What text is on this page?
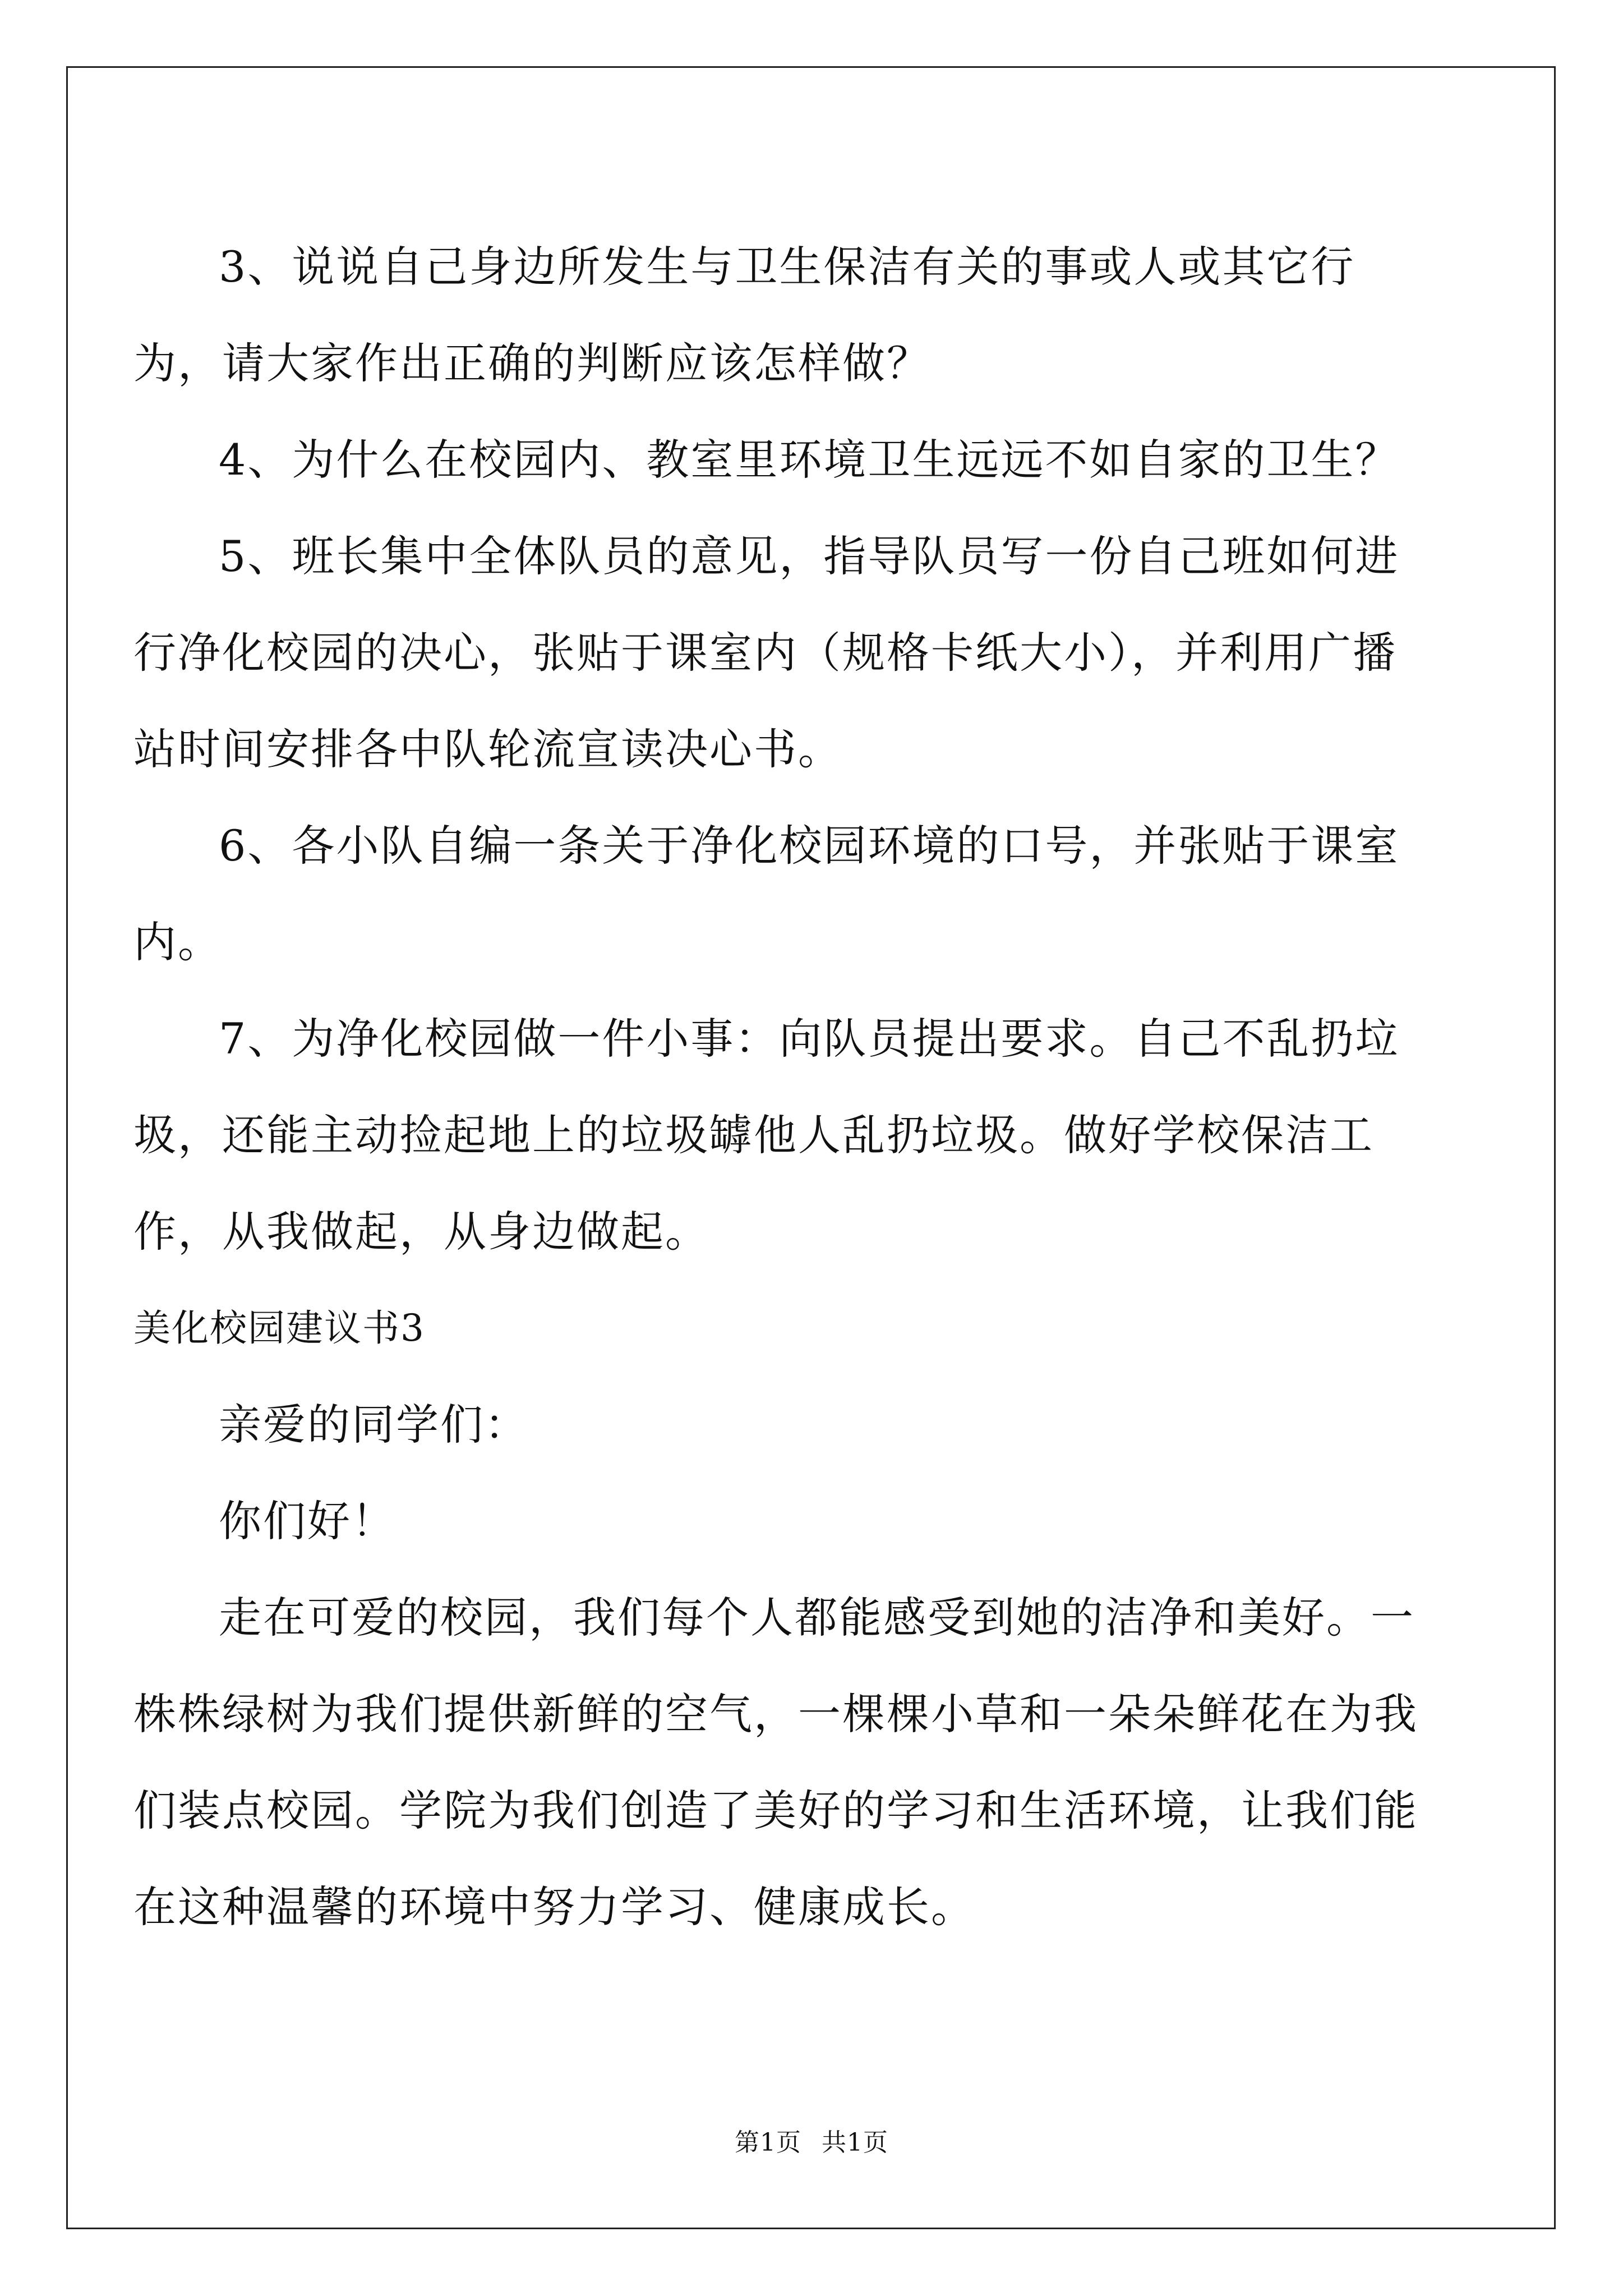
3、说说自己身边所发生与卫生保洁有关的事或人或其它行为，请大家作出正确的判断应该怎样做？

4、为什么在校园内、教室里环境卫生远远不如自家的卫生？

5、班长集中全体队员的意见，指导队员写一份自己班如何进行净化校园的决心，张贴于课室内（规格卡纸大小），并利用广播站时间安排各中队轮流宣读决心书。

6、各小队自编一条关于净化校园环境的口号，并张贴于课室内。

7、为净化校园做一件小事：向队员提出要求。自己不乱扔垃圾，还能主动捡起地上的垃圾罅他人乱扔垃圾。做好学校保洁工作，从我做起，从身边做起。

美化校园建议书3

亲爱的同学们：

你们好！

走在可爱的校园，我们每个人都能感受到她的洁净和美好。一株株绿树为我们提供新鲜的空气，一棵棵小草和一朵朵鲜花在为我们装点校园。学院为我们创造了美好的学习和生活环境，让我们能在这种温馨的环境中努力学习、健康成长。

第1页 共1页
